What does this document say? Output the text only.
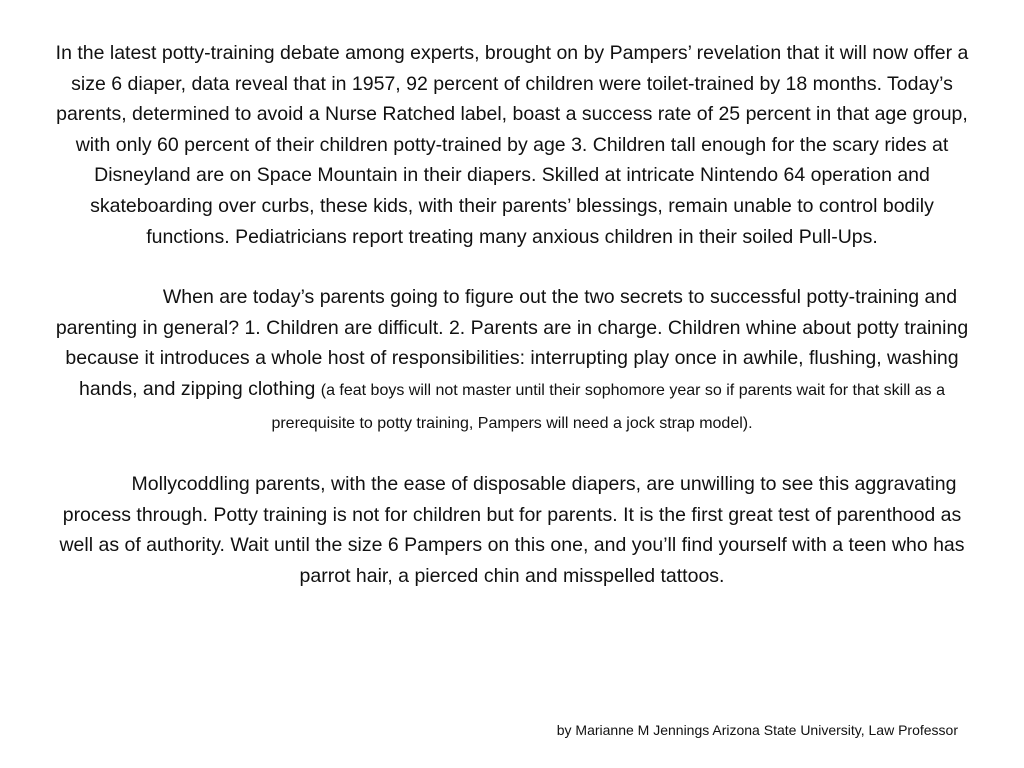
In the latest potty-training debate among experts, brought on by Pampers’ revelation that it will now offer a size 6 diaper, data reveal that in 1957, 92 percent of children were toilet-trained by 18 months. Today’s parents, determined to avoid a Nurse Ratched label, boast a success rate of 25 percent in that age group, with only 60 percent of their children potty-trained by age 3. Children tall enough for the scary rides at Disneyland are on Space Mountain in their diapers. Skilled at intricate Nintendo 64 operation and skateboarding over curbs, these kids, with their parents’ blessings, remain unable to control bodily functions. Pediatricians report treating many anxious children in their soiled Pull-Ups.

When are today’s parents going to figure out the two secrets to successful potty-training and parenting in general? 1. Children are difficult. 2. Parents are in charge. Children whine about potty training because it introduces a whole host of responsibilities: interrupting play once in awhile, flushing, washing hands, and zipping clothing (a feat boys will not master until their sophomore year so if parents wait for that skill as a prerequisite to potty training, Pampers will need a jock strap model).

Mollycoddling parents, with the ease of disposable diapers, are unwilling to see this aggravating process through. Potty training is not for children but for parents. It is the first great test of parenthood as well as of authority. Wait until the size 6 Pampers on this one, and you’ll find yourself with a teen who has parrot hair, a pierced chin and misspelled tattoos.

by Marianne M Jennings Arizona State University, Law Professor
